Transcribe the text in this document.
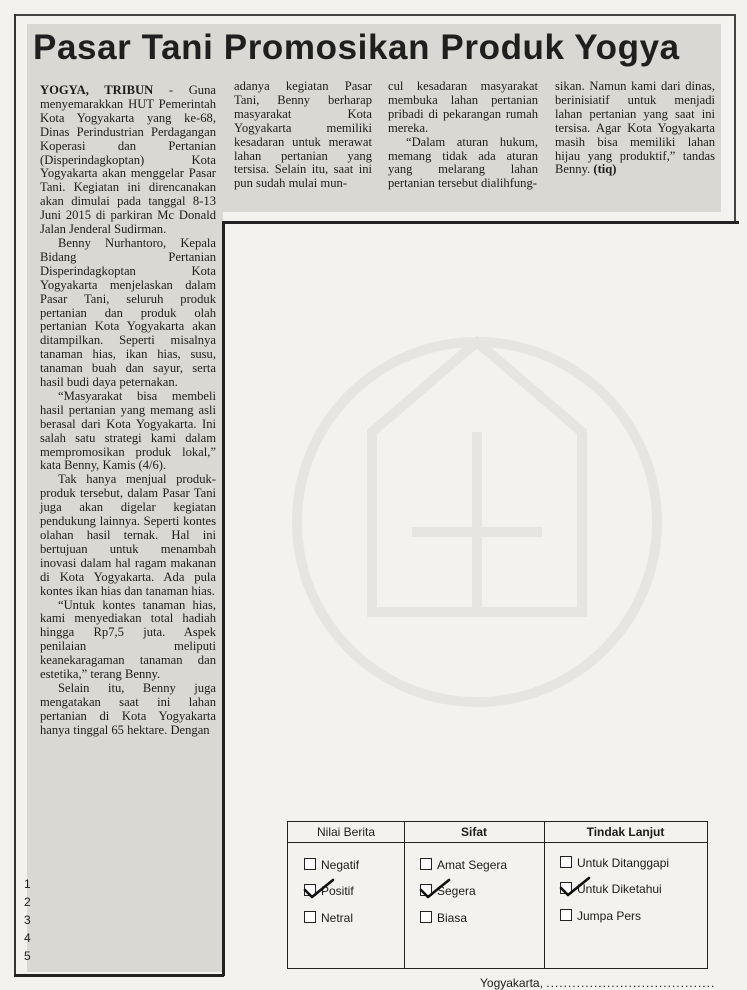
Pasar Tani Promosikan Produk Yogya

YOGYA, TRIBUN - Guna menyemarakkan HUT Pemerintah Kota Yogyakarta yang ke-68, Dinas Perindustrian Perdagangan Koperasi dan Pertanian (Disperindagkoptan) Kota Yogyakarta akan menggelar Pasar Tani. Kegiatan ini direncanakan akan dimulai pada tanggal 8-13 Juni 2015 di parkiran Mc Donald Jalan Jenderal Sudirman.

Benny Nurhantoro, Kepala Bidang Pertanian Disperindagkoptan Kota Yogyakarta menjelaskan dalam Pasar Tani, seluruh produk pertanian dan produk olah pertanian Kota Yogyakarta akan ditampilkan. Seperti misalnya tanaman hias, ikan hias, susu, tanaman buah dan sayur, serta hasil budi daya peternakan.

“Masyarakat bisa membeli hasil pertanian yang memang asli berasal dari Kota Yogyakarta. Ini salah satu strategi kami dalam mempromosikan produk lokal,” kata Benny, Kamis (4/6).

Tak hanya menjual produk-produk tersebut, dalam Pasar Tani juga akan digelar kegiatan pendukung lainnya. Seperti kontes olahan hasil ternak. Hal ini bertujuan untuk menambah inovasi dalam hal ragam makanan di Kota Yogyakarta. Ada pula kontes ikan hias dan tanaman hias.

“Untuk kontes tanaman hias, kami menyediakan total hadiah hingga Rp7,5 juta. Aspek penilaian meliputi keanekaragaman tanaman dan estetika,” terang Benny.

Selain itu, Benny juga mengatakan saat ini lahan pertanian di Kota Yogyakarta hanya tinggal 65 hektare. Dengan

adanya kegiatan Pasar Tani, Benny berharap masyarakat Kota Yogyakarta memiliki kesadaran untuk merawat lahan pertanian yang tersisa. Selain itu, saat ini pun sudah mulai mun-

cul kesadaran masyarakat membuka lahan pertanian pribadi di pekarangan rumah mereka.

“Dalam aturan hukum, memang tidak ada aturan yang melarang lahan pertanian tersebut dialihfung-

sikan. Namun kami dari dinas, berinisiatif untuk menjadi lahan pertanian yang saat ini tersisa. Agar Kota Yogyakarta masih bisa memiliki lahan hijau yang produktif,” tandas Benny. (tiq)

1
2
3
4
5
Nilai Berita
Negatif
Positif
Netral
Sifat
Amat Segera
Segera
Biasa
Tindak Lanjut
Untuk Ditanggapi
Untuk Diketahui
Jumpa Pers
Yogyakarta, .......................................
